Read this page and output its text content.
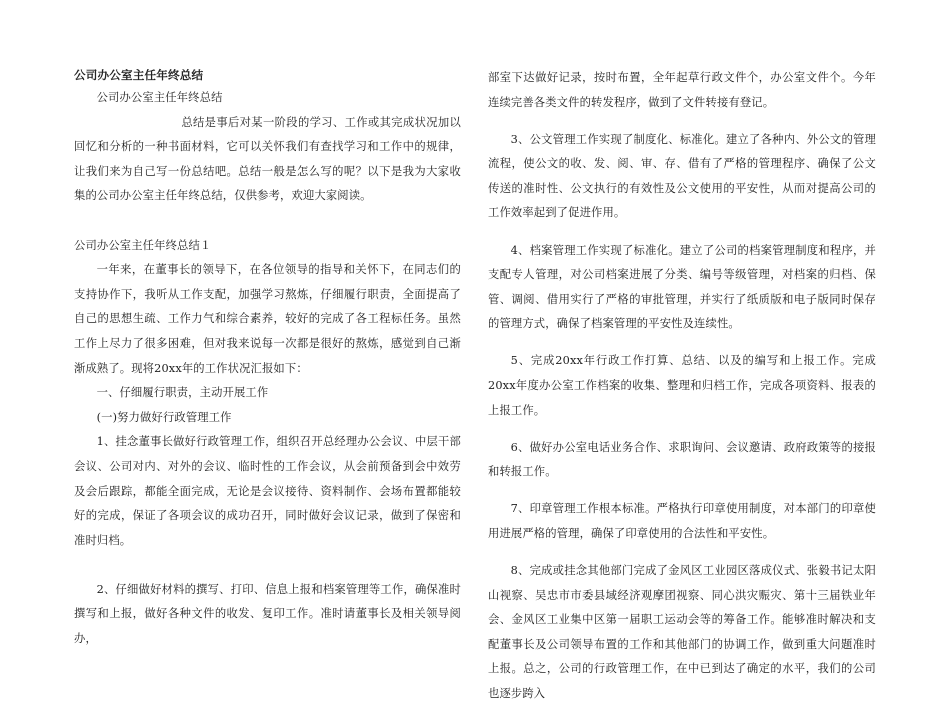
公司办公室主任年终总结

公司办公室主任年终总结

总结是事后对某一阶段的学习、工作或其完成状况加以回忆和分析的一种书面材料，它可以关怀我们有查找学习和工作中的规律，让我们来为自己写一份总结吧。总结一般是怎么写的呢？以下是我为大家收集的公司办公室主任年终总结，仅供参考，欢迎大家阅读。

公司办公室主任年终总结１

一年来，在董事长的领导下，在各位领导的指导和关怀下，在同志们的支持协作下，我听从工作支配，加强学习熬炼，仔细履行职责，全面提高了自己的思想生疏、工作力气和综合素养，较好的完成了各工程标任务。虽然工作上尽力了很多困难，但对我来说每一次都是很好的熬炼，感觉到自己渐渐成熟了。现将20xx年的工作状况汇报如下：

一、仔细履行职责，主动开展工作

(一)努力做好行政管理工作

1、挂念董事长做好行政管理工作，组织召开总经理办公会议、中层干部会议、公司对内、对外的会议、临时性的工作会议，从会前预备到会中效劳及会后跟踪，都能全面完成，无论是会议接待、资料制作、会场布置都能较好的完成，保证了各项会议的成功召开，同时做好会议记录，做到了保密和准时归档。

2、仔细做好材料的撰写、打印、信息上报和档案管理等工作，确保准时撰写和上报，做好各种文件的收发、复印工作。准时请董事长及相关领导阅办，

部室下达做好记录，按时布置，全年起草行政文件个，办公室文件个。今年连续完善各类文件的转发程序，做到了文件转接有登记。

3、公文管理工作实现了制度化、标准化。建立了各种内、外公文的管理流程，使公文的收、发、阅、审、存、借有了严格的管理程序、确保了公文传送的准时性、公文执行的有效性及公文使用的平安性，从而对提高公司的工作效率起到了促进作用。

4、档案管理工作实现了标准化。建立了公司的档案管理制度和程序，并支配专人管理，对公司档案进展了分类、编号等级管理，对档案的归档、保管、调阅、借用实行了严格的审批管理，并实行了纸质版和电子版同时保存的管理方式，确保了档案管理的平安性及连续性。

5、完成20xx年行政工作打算、总结、以及的编写和上报工作。完成20xx年度办公室工作档案的收集、整理和归档工作，完成各项资料、报表的上报工作。

6、做好办公室电话业务合作、求职询问、会议邀请、政府政策等的接报和转报工作。

7、印章管理工作根本标准。严格执行印章使用制度，对本部门的印章使用进展严格的管理，确保了印章使用的合法性和平安性。

8、完成或挂念其他部门完成了金风区工业园区落成仪式、张毅书记太阳山视察、吴忠市市委县域经济观摩团视察、同心洪灾赈灾、第十三届铁业年会、金风区工业集中区第一届职工运动会等的筹备工作。能够准时解决和支配董事长及公司领导布置的工作和其他部门的协调工作，做到重大问题准时上报。总之，公司的行政管理工作，在中已到达了确定的水平，我们的公司也逐步跨入
